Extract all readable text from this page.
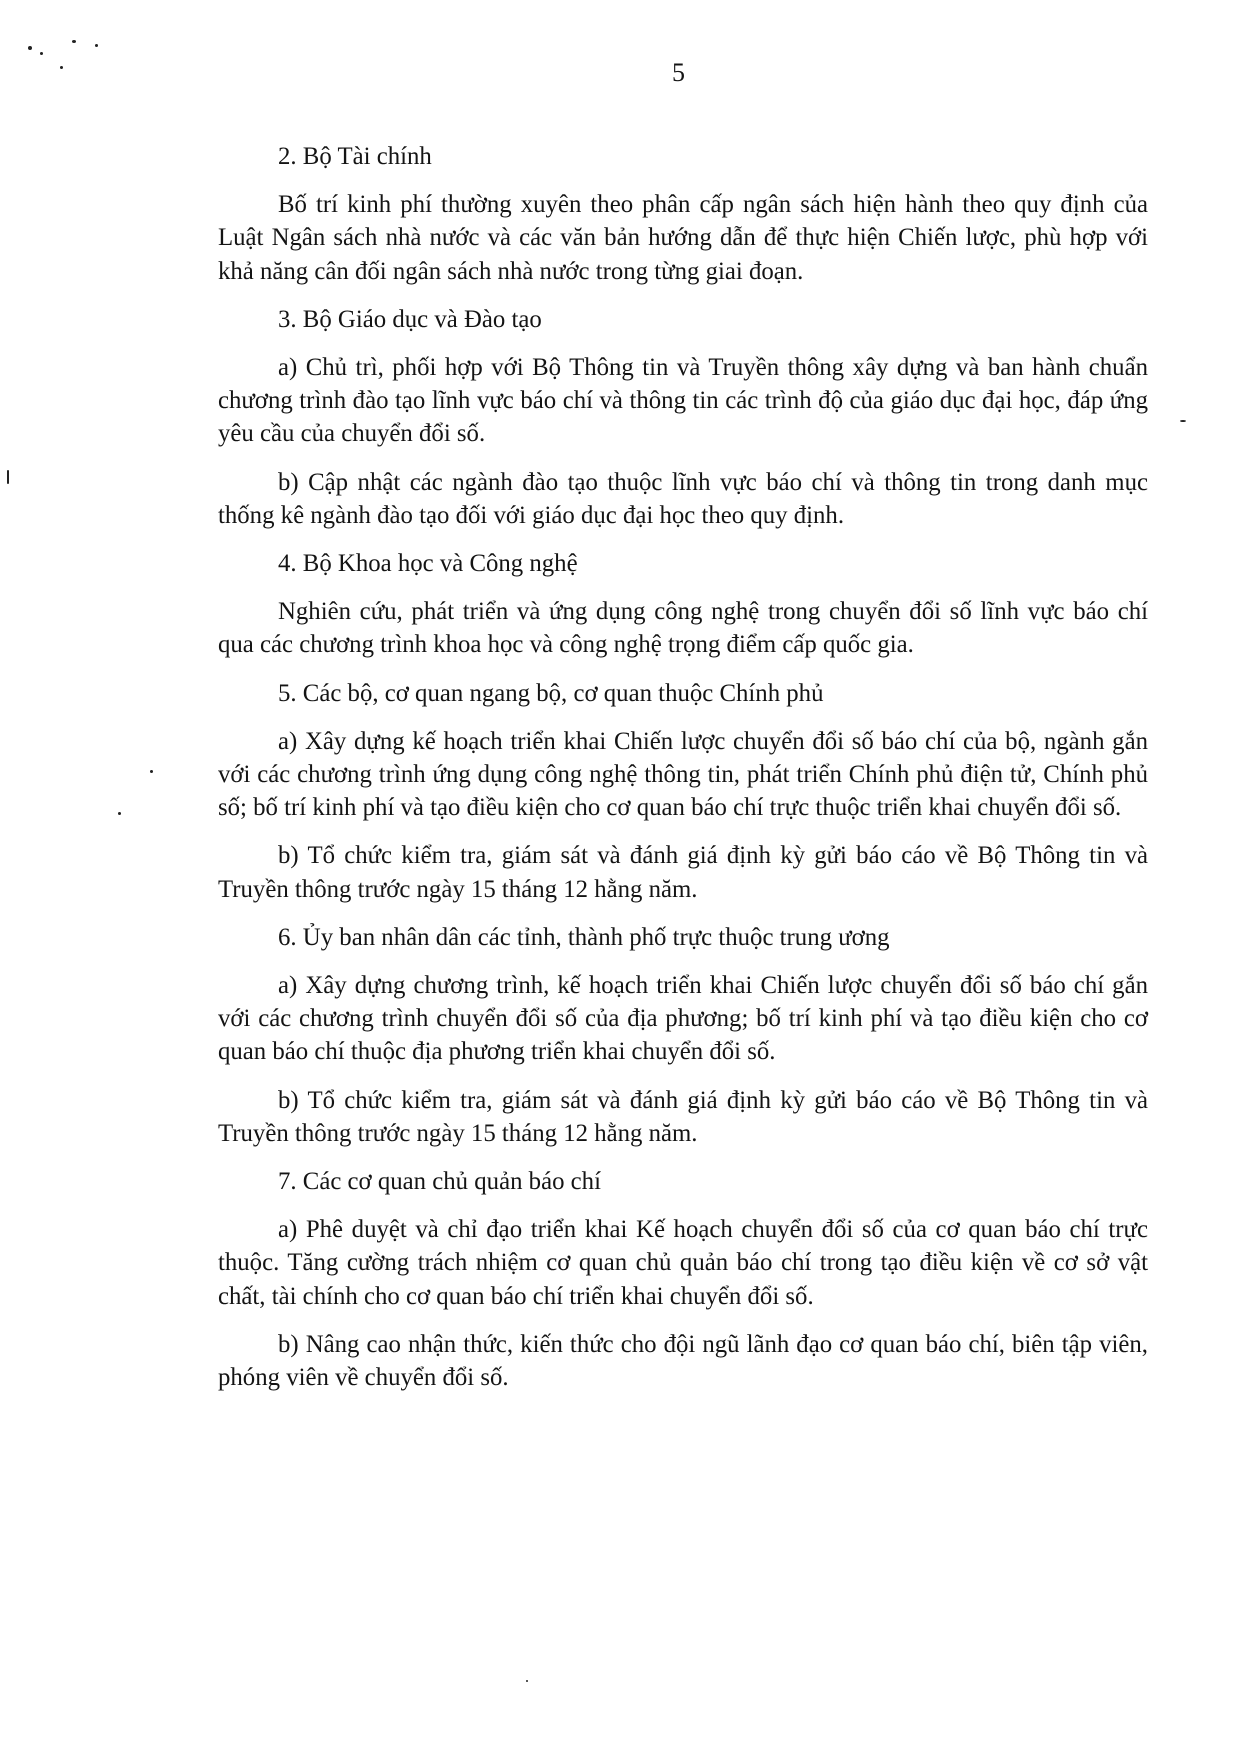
5

2. Bộ Tài chính

Bố trí kinh phí thường xuyên theo phân cấp ngân sách hiện hành theo quy định của Luật Ngân sách nhà nước và các văn bản hướng dẫn để thực hiện Chiến lược, phù hợp với khả năng cân đối ngân sách nhà nước trong từng giai đoạn.

3. Bộ Giáo dục và Đào tạo

a) Chủ trì, phối hợp với Bộ Thông tin và Truyền thông xây dựng và ban hành chuẩn chương trình đào tạo lĩnh vực báo chí và thông tin các trình độ của giáo dục đại học, đáp ứng yêu cầu của chuyển đổi số.

b) Cập nhật các ngành đào tạo thuộc lĩnh vực báo chí và thông tin trong danh mục thống kê ngành đào tạo đối với giáo dục đại học theo quy định.

4. Bộ Khoa học và Công nghệ

Nghiên cứu, phát triển và ứng dụng công nghệ trong chuyển đổi số lĩnh vực báo chí qua các chương trình khoa học và công nghệ trọng điểm cấp quốc gia.

5. Các bộ, cơ quan ngang bộ, cơ quan thuộc Chính phủ

a) Xây dựng kế hoạch triển khai Chiến lược chuyển đổi số báo chí của bộ, ngành gắn với các chương trình ứng dụng công nghệ thông tin, phát triển Chính phủ điện tử, Chính phủ số; bố trí kinh phí và tạo điều kiện cho cơ quan báo chí trực thuộc triển khai chuyển đổi số.

b) Tổ chức kiểm tra, giám sát và đánh giá định kỳ gửi báo cáo về Bộ Thông tin và Truyền thông trước ngày 15 tháng 12 hằng năm.

6. Ủy ban nhân dân các tỉnh, thành phố trực thuộc trung ương

a) Xây dựng chương trình, kế hoạch triển khai Chiến lược chuyển đổi số báo chí gắn với các chương trình chuyển đổi số của địa phương; bố trí kinh phí và tạo điều kiện cho cơ quan báo chí thuộc địa phương triển khai chuyển đổi số.

b) Tổ chức kiểm tra, giám sát và đánh giá định kỳ gửi báo cáo về Bộ Thông tin và Truyền thông trước ngày 15 tháng 12 hằng năm.

7. Các cơ quan chủ quản báo chí

a) Phê duyệt và chỉ đạo triển khai Kế hoạch chuyển đổi số của cơ quan báo chí trực thuộc. Tăng cường trách nhiệm cơ quan chủ quản báo chí trong tạo điều kiện về cơ sở vật chất, tài chính cho cơ quan báo chí triển khai chuyển đổi số.

b) Nâng cao nhận thức, kiến thức cho đội ngũ lãnh đạo cơ quan báo chí, biên tập viên, phóng viên về chuyển đổi số.
